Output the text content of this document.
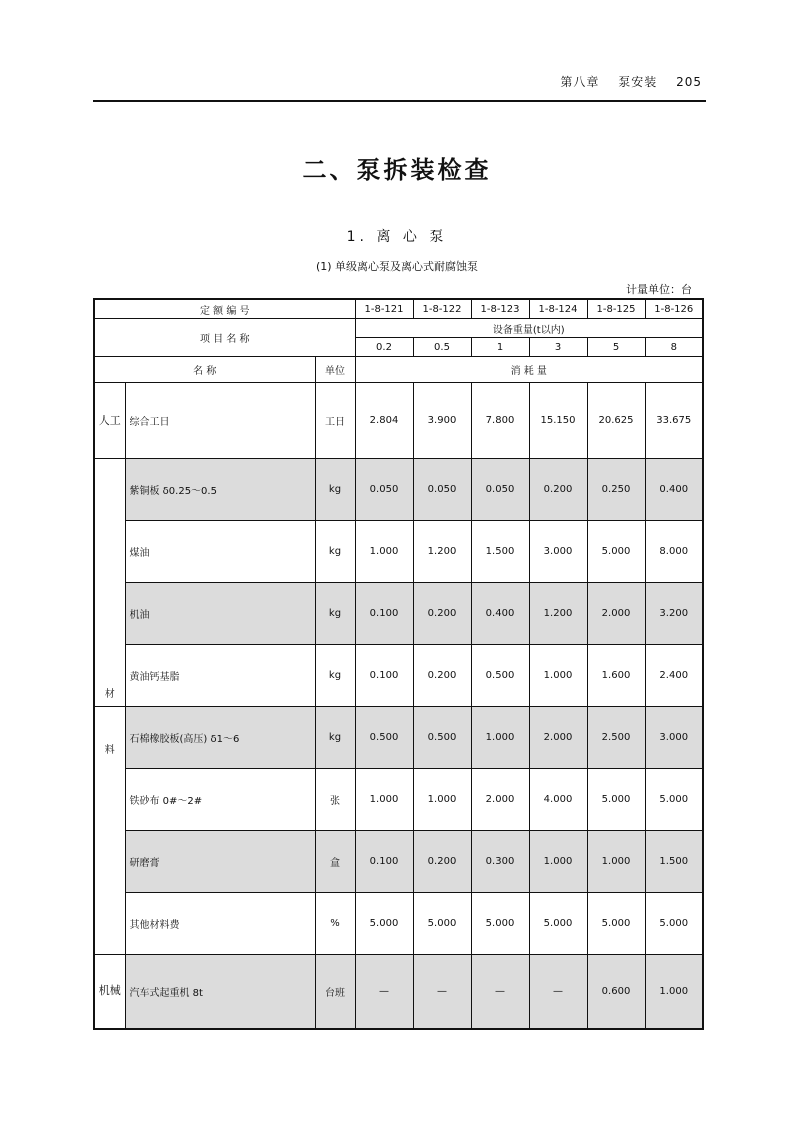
第八章 泵安装 205
二、泵拆装检查
1. 离 心 泵
(1) 单级离心泵及离心式耐腐蚀泵
计量单位：台
定 额 编 号			1-8-121	1-8-122	1-8-123	1-8-124	1-8-125	1-8-126
项 目 名 称			设备重量(t以内)					
			0.2	0.5	1	3	5	8
名 称		单位	消 耗 量					
人工	综合工日	工日	2.804	3.900	7.800	15.150	20.625	33.675
材	紫铜板 δ0.25～0.5	kg	0.050	0.050	0.050	0.200	0.250	0.400
	煤油	kg	1.000	1.200	1.500	3.000	5.000	8.000
	机油	kg	0.100	0.200	0.400	1.200	2.000	3.200
	黄油钙基脂	kg	0.100	0.200	0.500	1.000	1.600	2.400
料	石棉橡胶板(高压) δ1～6	kg	0.500	0.500	1.000	2.000	2.500	3.000
	铁砂布 0#～2#	张	1.000	1.000	2.000	4.000	5.000	5.000
	研磨膏	盒	0.100	0.200	0.300	1.000	1.000	1.500
	其他材料费	%	5.000	5.000	5.000	5.000	5.000	5.000
机械	汽车式起重机 8t	台班	—	—	—	—	0.600	1.000
